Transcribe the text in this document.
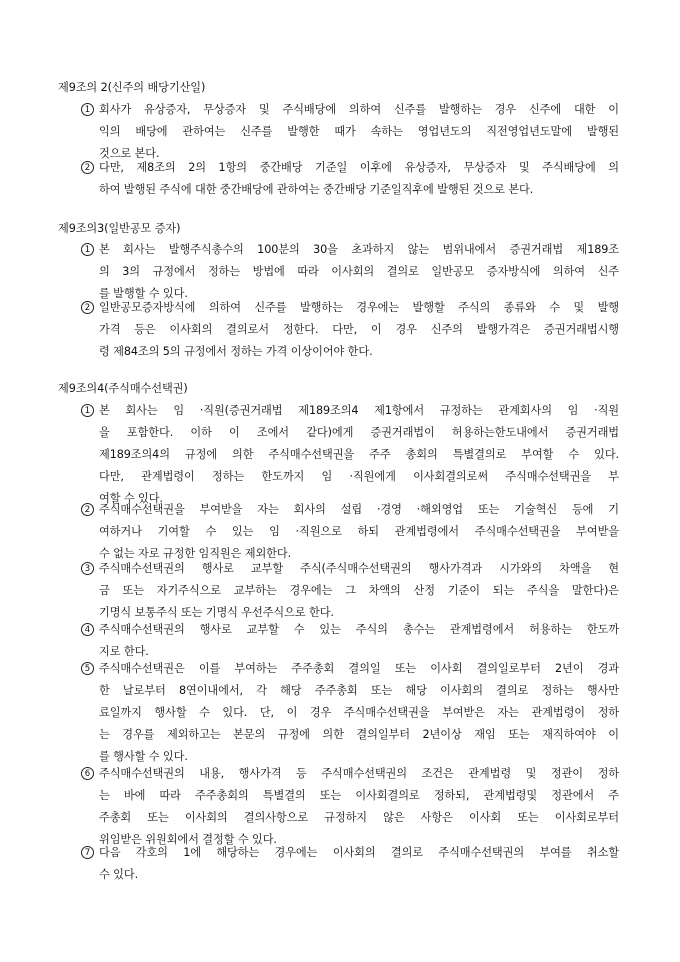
제9조의 2(신주의 배당기산일)
1 회사가 유상증자, 무상증자 및 주식배당에 의하여 신주를 발행하는 경우 신주에 대한 이
익의 배당에 관하여는 신주를 발행한 때가 속하는 영업년도의 직전영업년도말에 발행된
것으로 본다.
2 다만, 제8조의 2의 1항의 중간배당 기준일 이후에 유상증자, 무상증자 및 주식배당에 의
하여 발행된 주식에 대한 중간배당에 관하여는 중간배당 기준일직후에 발행된 것으로 본다.
제9조의3(일반공모 증자)
1 본 회사는 발행주식총수의 100분의 30을 초과하지 않는 범위내에서 증권거래법 제189조
의 3의 규정에서 정하는 방법에 따라 이사회의 결의로 일반공모 증자방식에 의하여 신주
를 발행할 수 있다.
2 일반공모증자방식에 의하여 신주를 발행하는 경우에는 발행할 주식의 종류와 수 및 발행
가격 등은 이사회의 결의로서 정한다. 다만, 이 경우 신주의 발행가격은 증권거래법시행
령 제84조의 5의 규정에서 정하는 가격 이상이어야 한다.
제9조의4(주식매수선택권)
1 본 회사는 임 ·직원(증권거래법 제189조의4 제1항에서 규정하는 관계회사의 임 ·직원
을 포함한다. 이하 이 조에서 같다)에게 증권거래법이 허용하는한도내에서 증권거래법
제189조의4의 규정에 의한 주식매수선택권을 주주 총회의 특별결의로 부여할 수 있다.
다만, 관계법령이 정하는 한도까지 임 ·직원에게 이사회결의로써 주식매수선택권을 부
여할 수 있다.
2 주식매수선택권을 부여받을 자는 회사의 설립 ·경영 ·해외영업 또는 기술혁신 등에 기
여하거나 기여할 수 있는 임 ·직원으로 하되 관계법령에서 주식매수선택권을 부여받을
수 없는 자로 규정한 임직원은 제외한다.
3 주식매수선택권의 행사로 교부할 주식(주식매수선택권의 행사가격과 시가와의 차액을 현
금 또는 자기주식으로 교부하는 경우에는 그 차액의 산정 기준이 되는 주식을 말한다)은
기명식 보통주식 또는 기명식 우선주식으로 한다.
4 주식매수선택권의 행사로 교부할 수 있는 주식의 총수는 관계법령에서 허용하는 한도까
지로 한다.
5 주식매수선택권은 이를 부여하는 주주총회 결의일 또는 이사회 결의일로부터 2년이 경과
한 날로부터 8연이내에서, 각 해당 주주총회 또는 해당 이사회의 결의로 정하는 행사만
료일까지 행사할 수 있다. 단, 이 경우 주식매수선택권을 부여받은 자는 관계법령이 정하
는 경우를 제외하고는 본문의 규정에 의한 결의일부터 2년이상 재임 또는 재직하여야 이
를 행사할 수 있다.
6 주식매수선택권의 내용, 행사가격 등 주식매수선택권의 조건은 관계법령 및 정관이 정하
는 바에 따라 주주총회의 특별결의 또는 이사회결의로 정하되, 관계법령및 정관에서 주
주총회 또는 이사회의 결의사항으로 규정하지 않은 사항은 이사회 또는 이사회로부터
위임받은 위원회에서 결정할 수 있다.
7 다음 각호의 1에 해당하는 경우에는 이사회의 결의로 주식매수선택권의 부여를 취소할
수 있다.
